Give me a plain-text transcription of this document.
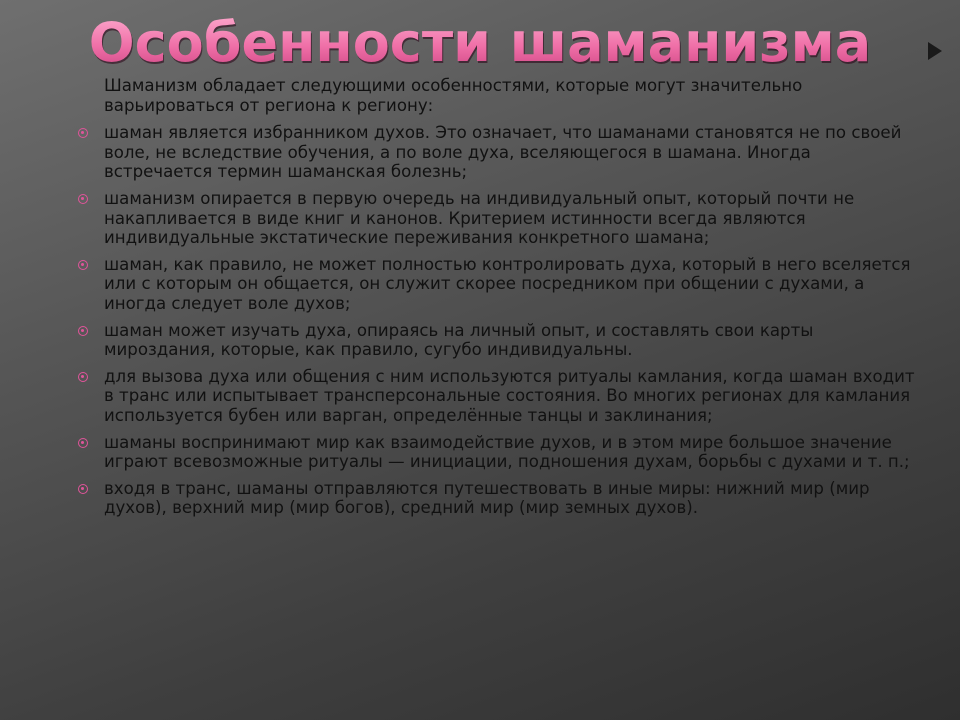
Особенности шаманизма
Шаманизм обладает следующими особенностями, которые могут значительно варьироваться от региона к региону:
шаман является избранником духов. Это означает, что шаманами становятся не по своей воле, не вследствие обучения, а по воле духа, вселяющегося в шамана. Иногда встречается термин шаманская болезнь;
шаманизм опирается в первую очередь на индивидуальный опыт, который почти не накапливается в виде книг и канонов. Критерием истинности всегда являются индивидуальные экстатические переживания конкретного шамана;
шаман, как правило, не может полностью контролировать духа, который в него вселяется или с которым он общается, он служит скорее посредником при общении с духами, а иногда следует воле духов;
шаман может изучать духа, опираясь на личный опыт, и составлять свои карты мироздания, которые, как правило, сугубо индивидуальны.
для вызова духа или общения с ним используются ритуалы камлания, когда шаман входит в транс или испытывает трансперсональные состояния. Во многих регионах для камлания используется бубен или варган, определённые танцы и заклинания;
шаманы воспринимают мир как взаимодействие духов, и в этом мире большое значение играют всевозможные ритуалы — инициации, подношения духам, борьбы с духами и т. п.;
входя в транс, шаманы отправляются путешествовать в иные миры: нижний мир (мир духов), верхний мир (мир богов), средний мир (мир земных духов).
